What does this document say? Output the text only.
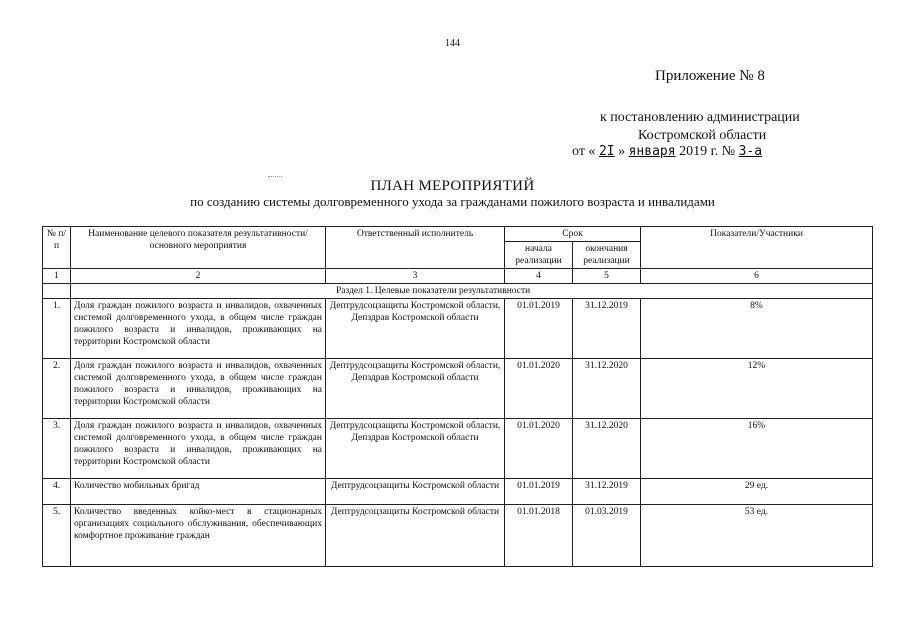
144
Приложение № 8
к постановлению администрации
Костромской области
от « 2I » января 2019 г. № 3-а
ПЛАН МЕРОПРИЯТИЙ
по созданию системы долговременного ухода за гражданами пожилого возраста и инвалидами
№ п/п	Наименование целевого показателя результативности/основного мероприятия	Ответственный исполнитель	Срок		Показатели/Участники
			начала реализации	окончания реализации	
1	2	3	4	5	6
	Раздел 1. Целевые показатели результативности				
1.	Доля граждан пожилого возраста и инвалидов, охваченных системой долговременного ухода, в общем числе граждан пожилого возраста и инвалидов, проживающих на территории Костромской области	Дептрудсоцзащиты Костромской области, Депздрав Костромской области	01.01.2019	31.12.2019	8%
2.	Доля граждан пожилого возраста и инвалидов, охваченных системой долговременного ухода, в общем числе граждан пожилого возраста и инвалидов, проживающих на территории Костромской области	Дептрудсоцзащиты Костромской области, Депздрав Костромской области	01.01.2020	31.12.2020	12%
3.	Доля граждан пожилого возраста и инвалидов, охваченных системой долговременного ухода, в общем числе граждан пожилого возраста и инвалидов, проживающих на территории Костромской области	Дептрудсоцзащиты Костромской области, Депздрав Костромской области	01.01.2020	31.12.2020	16%
4.	Количество мобильных бригад	Дептрудсоцзащиты Костромской области	01.01.2019	31.12.2019	29 ед.
5.	Количество введенных койко-мест в стационарных организациях социального обслуживания, обеспечивающих комфортное проживание граждан	Дептрудсоцзащиты Костромской области	01.01.2018	01.03.2019	53 ед.
